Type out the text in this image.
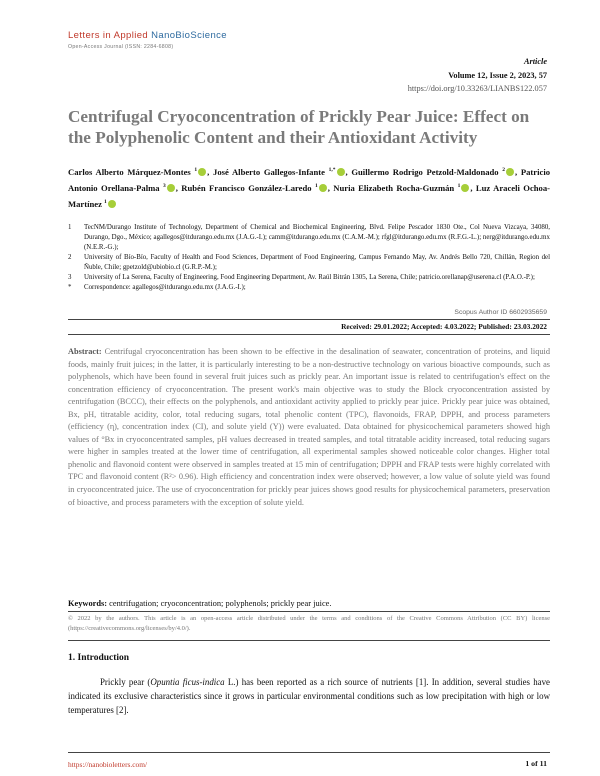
Letters in Applied NanoBioScience
Open-Access Journal (ISSN: 2284-6808)
Article
Volume 12, Issue 2, 2023, 57
https://doi.org/10.33263/LIANBS122.057
Centrifugal Cryoconcentration of Prickly Pear Juice: Effect on the Polyphenolic Content and their Antioxidant Activity
Carlos Alberto Márquez-Montes $^1$ , José Alberto Gallegos-Infante $^{1,*}$ , Guillermo Rodrigo Petzold-Maldonado $^2$ , Patricio Antonio Orellana-Palma $^3$ , Rubén Francisco González-Laredo $^1$ , Nuria Elizabeth Rocha-Guzmán $^1$ , Luz Araceli Ochoa-Martínez $^1$
1	TecNM/Durango Institute of Technology, Department of Chemical and Biochemical Engineering, Blvd. Felipe Pescador 1830 Ote., Col Nueva Vizcaya, 34080, Durango, Dgo., México; agallegos@itdurango.edu.mx (J.A.G.-I.); camm@itdurango.edu.mx (C.A.M.-M.); rfgl@itdurango.edu.mx (R.F.G.-L.); nerg@itdurango.edu.mx (N.E.R.-G.);
2	University of Bío-Bío, Faculty of Health and Food Sciences, Department of Food Engineering, Campus Fernando May, Av. Andrés Bello 720, Chillán, Region del Ñuble, Chile; gpetzold@ubiobio.cl (G.R.P.-M.);
3	University of La Serena, Faculty of Engineering, Food Engineering Department, Av. Raúl Bitrán 1305, La Serena, Chile; patricio.orellanap@userena.cl (P.A.O.-P.);
*	Correspondence: agallegos@itdurango.edu.mx (J.A.G.-I.);
Scopus Author ID 6602935659
Received: 29.01.2022; Accepted: 4.03.2022; Published: 23.03.2022

Abstract: Centrifugal cryoconcentration has been shown to be effective in the desalination of seawater, concentration of proteins, and liquid foods, mainly fruit juices; in the latter, it is particularly interesting to be a non-destructive technology on various bioactive compounds, such as polyphenols, which have been found in several fruit juices such as prickly pear. An important issue is related to centrifugation's effect on the concentration efficiency of cryoconcentration. The present work's main objective was to study the Block cryoconcentration assisted by centrifugation (BCCC), their effects on the polyphenols, and antioxidant activity applied to prickly pear juice. Prickly pear juice was obtained, Bx, pH, titratable acidity, color, total reducing sugars, total phenolic content (TPC), flavonoids, FRAP, DPPH, and process parameters (efficiency (η), concentration index (CI), and solute yield (Y)) were evaluated. Data obtained for physicochemical parameters showed high values of °Bx in cryoconcentrated samples, pH values decreased in treated samples, and total titratable acidity increased, total reducing sugars were higher in samples treated at the lower time of centrifugation, all experimental samples showed noticeable color changes. Higher total phenolic and flavonoid content were observed in samples treated at 15 min of centrifugation; DPPH and FRAP tests were highly correlated with TPC and flavonoid content (R²> 0.96). High efficiency and concentration index were observed; however, a low value of solute yield was found in cryoconcentrated juice. The use of cryoconcentration for prickly pear juices shows good results for physicochemical parameters, preservation of bioactive, and process parameters with the exception of solute yield.

Keywords: centrifugation; cryoconcentration; polyphenols; prickly pear juice.
© 2022 by the authors. This article is an open-access article distributed under the terms and conditions of the Creative Commons Attribution (CC BY) license (https://creativecommons.org/licenses/by/4.0/).
1. Introduction

Prickly pear (Opuntia ficus-indica L.) has been reported as a rich source of nutrients [1]. In addition, several studies have indicated its exclusive characteristics since it grows in particular environmental conditions such as low precipitation with high or low temperatures [2].

https://nanobioletters.com/	1 of 11
